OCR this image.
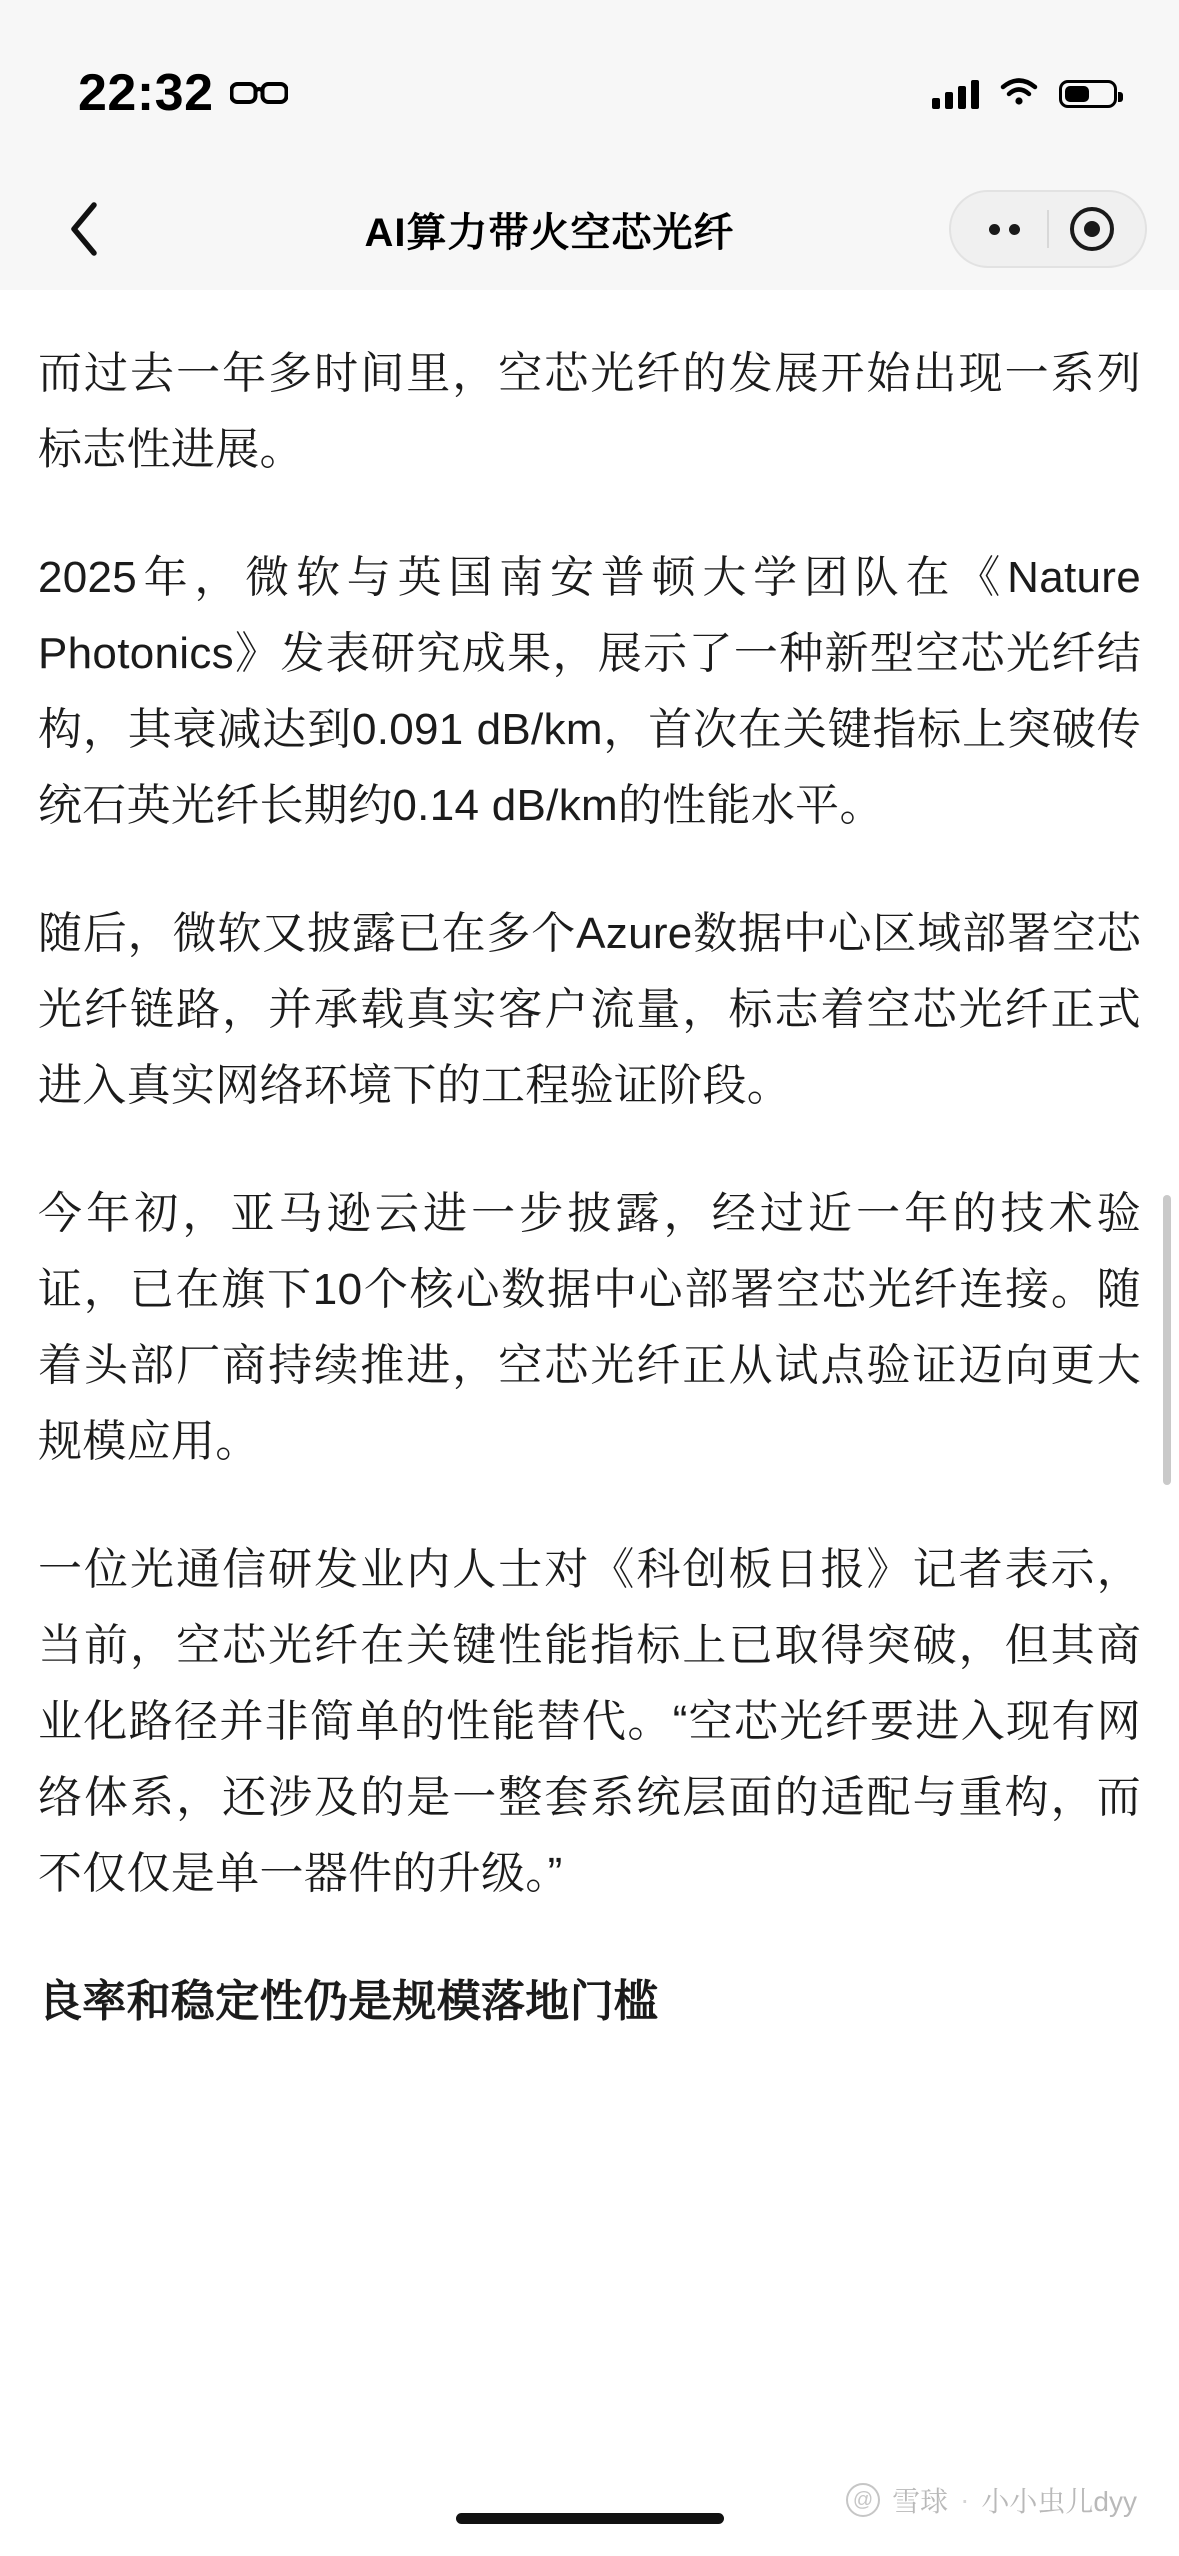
22:32
AI算力带火空芯光纤

而过去一年多时间里，空芯光纤的发展开始出现一系列标志性进展。

2025年，微软与英国南安普顿大学团队在《Nature Photonics》发表研究成果，展示了一种新型空芯光纤结构，其衰减达到0.091 dB/km，首次在关键指标上突破传统石英光纤长期约0.14 dB/km的性能水平。

随后，微软又披露已在多个Azure数据中心区域部署空芯光纤链路，并承载真实客户流量，标志着空芯光纤正式进入真实网络环境下的工程验证阶段。

今年初，亚马逊云进一步披露，经过近一年的技术验证，已在旗下10个核心数据中心部署空芯光纤连接。随着头部厂商持续推进，空芯光纤正从试点验证迈向更大规模应用。

一位光通信研发业内人士对《科创板日报》记者表示，当前，空芯光纤在关键性能指标上已取得突破，但其商业化路径并非简单的性能替代。“空芯光纤要进入现有网络体系，还涉及的是一整套系统层面的适配与重构，而不仅仅是单一器件的升级。”

良率和稳定性仍是规模落地门槛

@ 雪球 · 小小虫儿dyy
